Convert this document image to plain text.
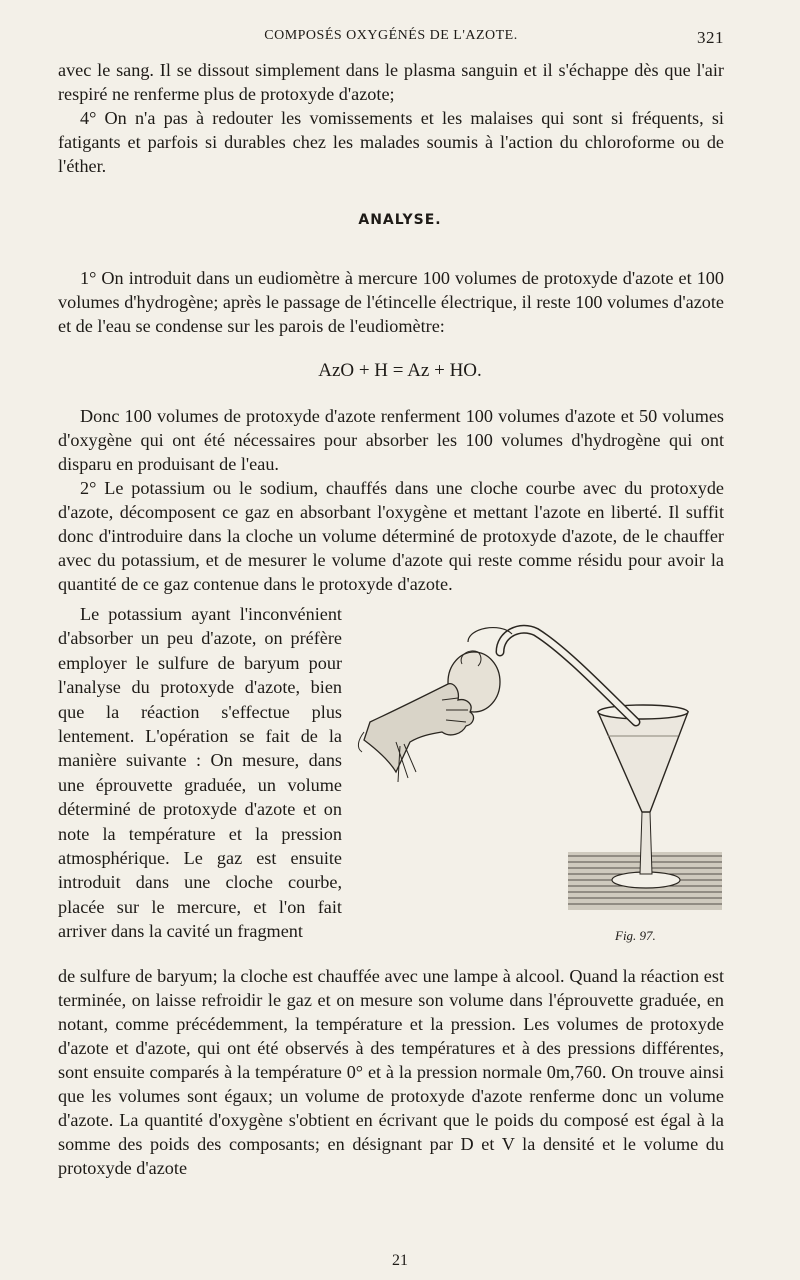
COMPOSÉS OXYGÉNÉS DE L'AZOTE.	321

avec le sang. Il se dissout simplement dans le plasma sanguin et il s'échappe dès que l'air respiré ne renferme plus de protoxyde d'azote;

4° On n'a pas à redouter les vomissements et les malaises qui sont si fréquents, si fatigants et parfois si durables chez les malades soumis à l'action du chloroforme ou de l'éther.

ANALYSE.

1° On introduit dans un eudiomètre à mercure 100 volumes de protoxyde d'azote et 100 volumes d'hydrogène; après le passage de l'étincelle électrique, il reste 100 volumes d'azote et de l'eau se condense sur les parois de l'eudiomètre:

AzO + H = Az + HO.

Donc 100 volumes de protoxyde d'azote renferment 100 volumes d'azote et 50 volumes d'oxygène qui ont été nécessaires pour absorber les 100 volumes d'hydrogène qui ont disparu en produisant de l'eau.

2° Le potassium ou le sodium, chauffés dans une cloche courbe avec du protoxyde d'azote, décomposent ce gaz en absorbant l'oxygène et mettant l'azote en liberté. Il suffit donc d'introduire dans la cloche un volume déterminé de protoxyde d'azote, de le chauffer avec du potassium, et de mesurer le volume d'azote qui reste comme résidu pour avoir la quantité de ce gaz contenue dans le protoxyde d'azote.

Le potassium ayant l'inconvénient d'absorber un peu d'azote, on préfère employer le sulfure de baryum pour l'analyse du protoxyde d'azote, bien que la réaction s'effectue plus lentement. L'opération se fait de la manière suivante : On mesure, dans une éprouvette graduée, un volume déterminé de protoxyde d'azote et on note la température et la pression atmosphérique. Le gaz est ensuite introduit dans une cloche courbe, placée sur le mercure, et l'on fait arriver dans la cavité un fragment	Fig. 97.

de sulfure de baryum; la cloche est chauffée avec une lampe à alcool. Quand la réaction est terminée, on laisse refroidir le gaz et on mesure son volume dans l'éprouvette graduée, en notant, comme précédemment, la température et la pression. Les volumes de protoxyde d'azote et d'azote, qui ont été observés à des températures et à des pressions différentes, sont ensuite comparés à la température 0° et à la pression normale 0m,760. On trouve ainsi que les volumes sont égaux; un volume de protoxyde d'azote renferme donc un volume d'azote. La quantité d'oxygène s'obtient en écrivant que le poids du composé est égal à la somme des poids des composants; en désignant par D et V la densité et le volume du protoxyde d'azote

21
